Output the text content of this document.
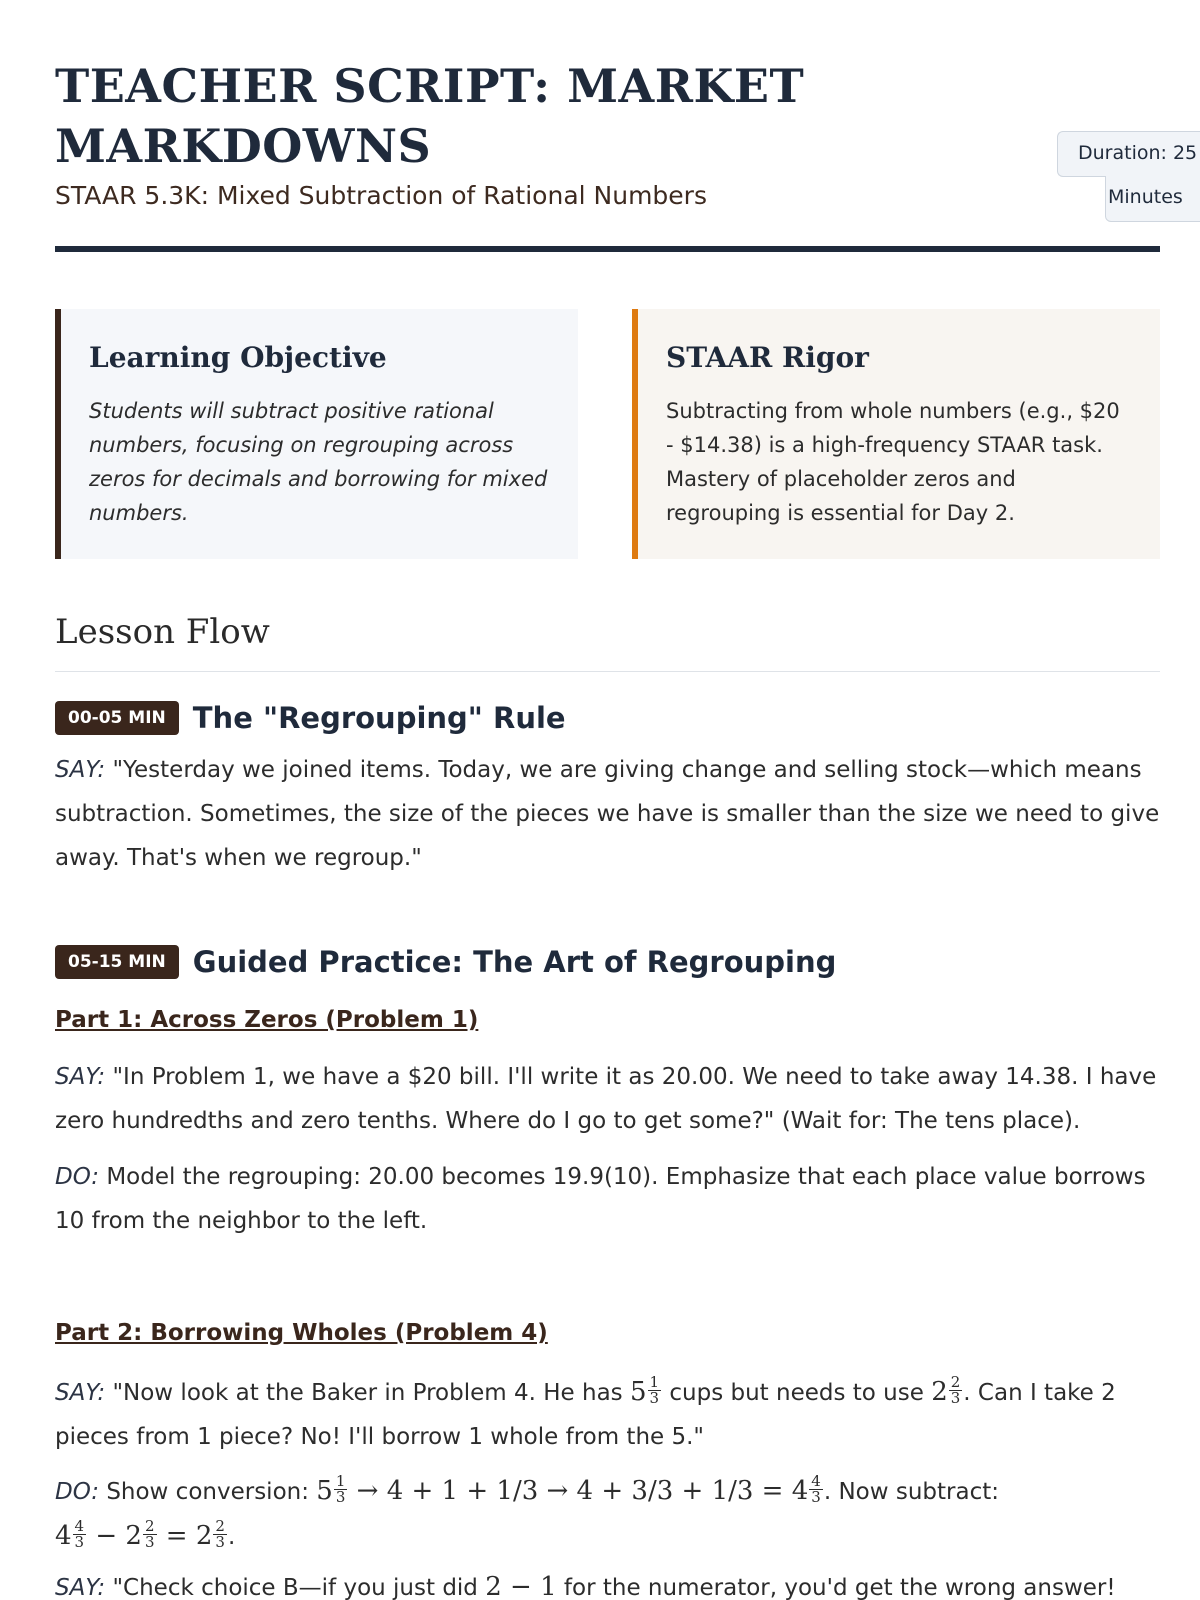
TEACHER SCRIPT: MARKET MARKDOWNS
STAAR 5.3K: Mixed Subtraction of Rational Numbers
Duration: 25
Minutes
Learning Objective

Students will subtract positive rational numbers, focusing on regrouping across zeros for decimals and borrowing for mixed numbers.

STAAR Rigor

Subtracting from whole numbers (e.g., $20 - $14.38) is a high-frequency STAAR task. Mastery of placeholder zeros and regrouping is essential for Day 2.

Lesson Flow
00-05 MIN The "Regrouping" Rule

SAY: "Yesterday we joined items. Today, we are giving change and selling stock—which means subtraction. Sometimes, the size of the pieces we have is smaller than the size we need to give away. That's when we regroup."

05-15 MIN Guided Practice: The Art of Regrouping
Part 1: Across Zeros (Problem 1)

SAY: "In Problem 1, we have a $20 bill. I'll write it as 20.00. We need to take away 14.38. I have zero hundredths and zero tenths. Where do I go to get some?" (Wait for: The tens place).

DO: Model the regrouping: 20.00 becomes 19.9(10). Emphasize that each place value borrows 10 from the neighbor to the left.

Part 2: Borrowing Wholes (Problem 4)

SAY: "Now look at the Baker in Problem 4. He has $5 \frac{1}{3}$ cups but needs to use $2 \frac{2}{3}$ . Can I take 2 pieces from 1 piece? No! I'll borrow 1 whole from the 5."

DO: Show conversion: $5 \frac{1}{3} \to 4 + 1 + 1/3 \to 4 + 3/3 + 1/3 = 4 \frac{4}{3}$ . Now subtract:
$4 \frac{4}{3} - 2 \frac{2}{3} = 2 \frac{2}{3}$ .

SAY: "Check choice B—if you just did 2 − 1 for the numerator, you'd get the wrong answer!
